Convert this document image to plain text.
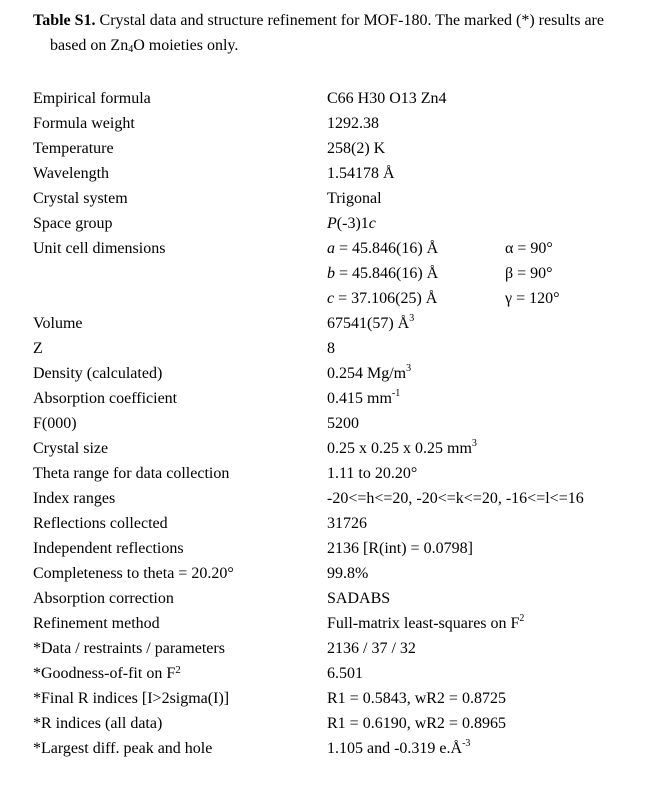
Table S1. Crystal data and structure refinement for MOF-180. The marked (*) results are
based on $Zn_4O$ moieties only.
Empirical formula	C66 H30 O13 Zn4
Formula weight	1292.38
Temperature	258(2) K
Wavelength	1.54178 Å
Crystal system	Trigonal
Space group	P(-3)1c
Unit cell dimensions	a = 45.846(16) Å	α = 90°
b = 45.846(16) Å	β = 90°
c = 37.106(25) Å	γ = 120°
Volume	67541(57) $Å^3$
Z	8
Density (calculated)	0.254 $Mg/m^3$
Absorption coefficient	0.415 $mm^{-1}$
F(000)	5200
Crystal size	0.25 x 0.25 x 0.25 $mm^3$
Theta range for data collection	1.11 to 20.20°
Index ranges	-20<=h<=20, -20<=k<=20, -16<=l<=16
Reflections collected	31726
Independent reflections	2136 [R(int) = 0.0798]
Completeness to theta = 20.20°	99.8%
Absorption correction	SADABS
Refinement method	Full-matrix least-squares on $F^2$
*Data / restraints / parameters	2136 / 37 / 32
*Goodness-of-fit on $F^2$	6.501
*Final R indices [I>2sigma(I)]	R1 = 0.5843, wR2 = 0.8725
*R indices (all data)	R1 = 0.6190, wR2 = 0.8965
*Largest diff. peak and hole	1.105 and -0.319 $e.Å^{-3}$
